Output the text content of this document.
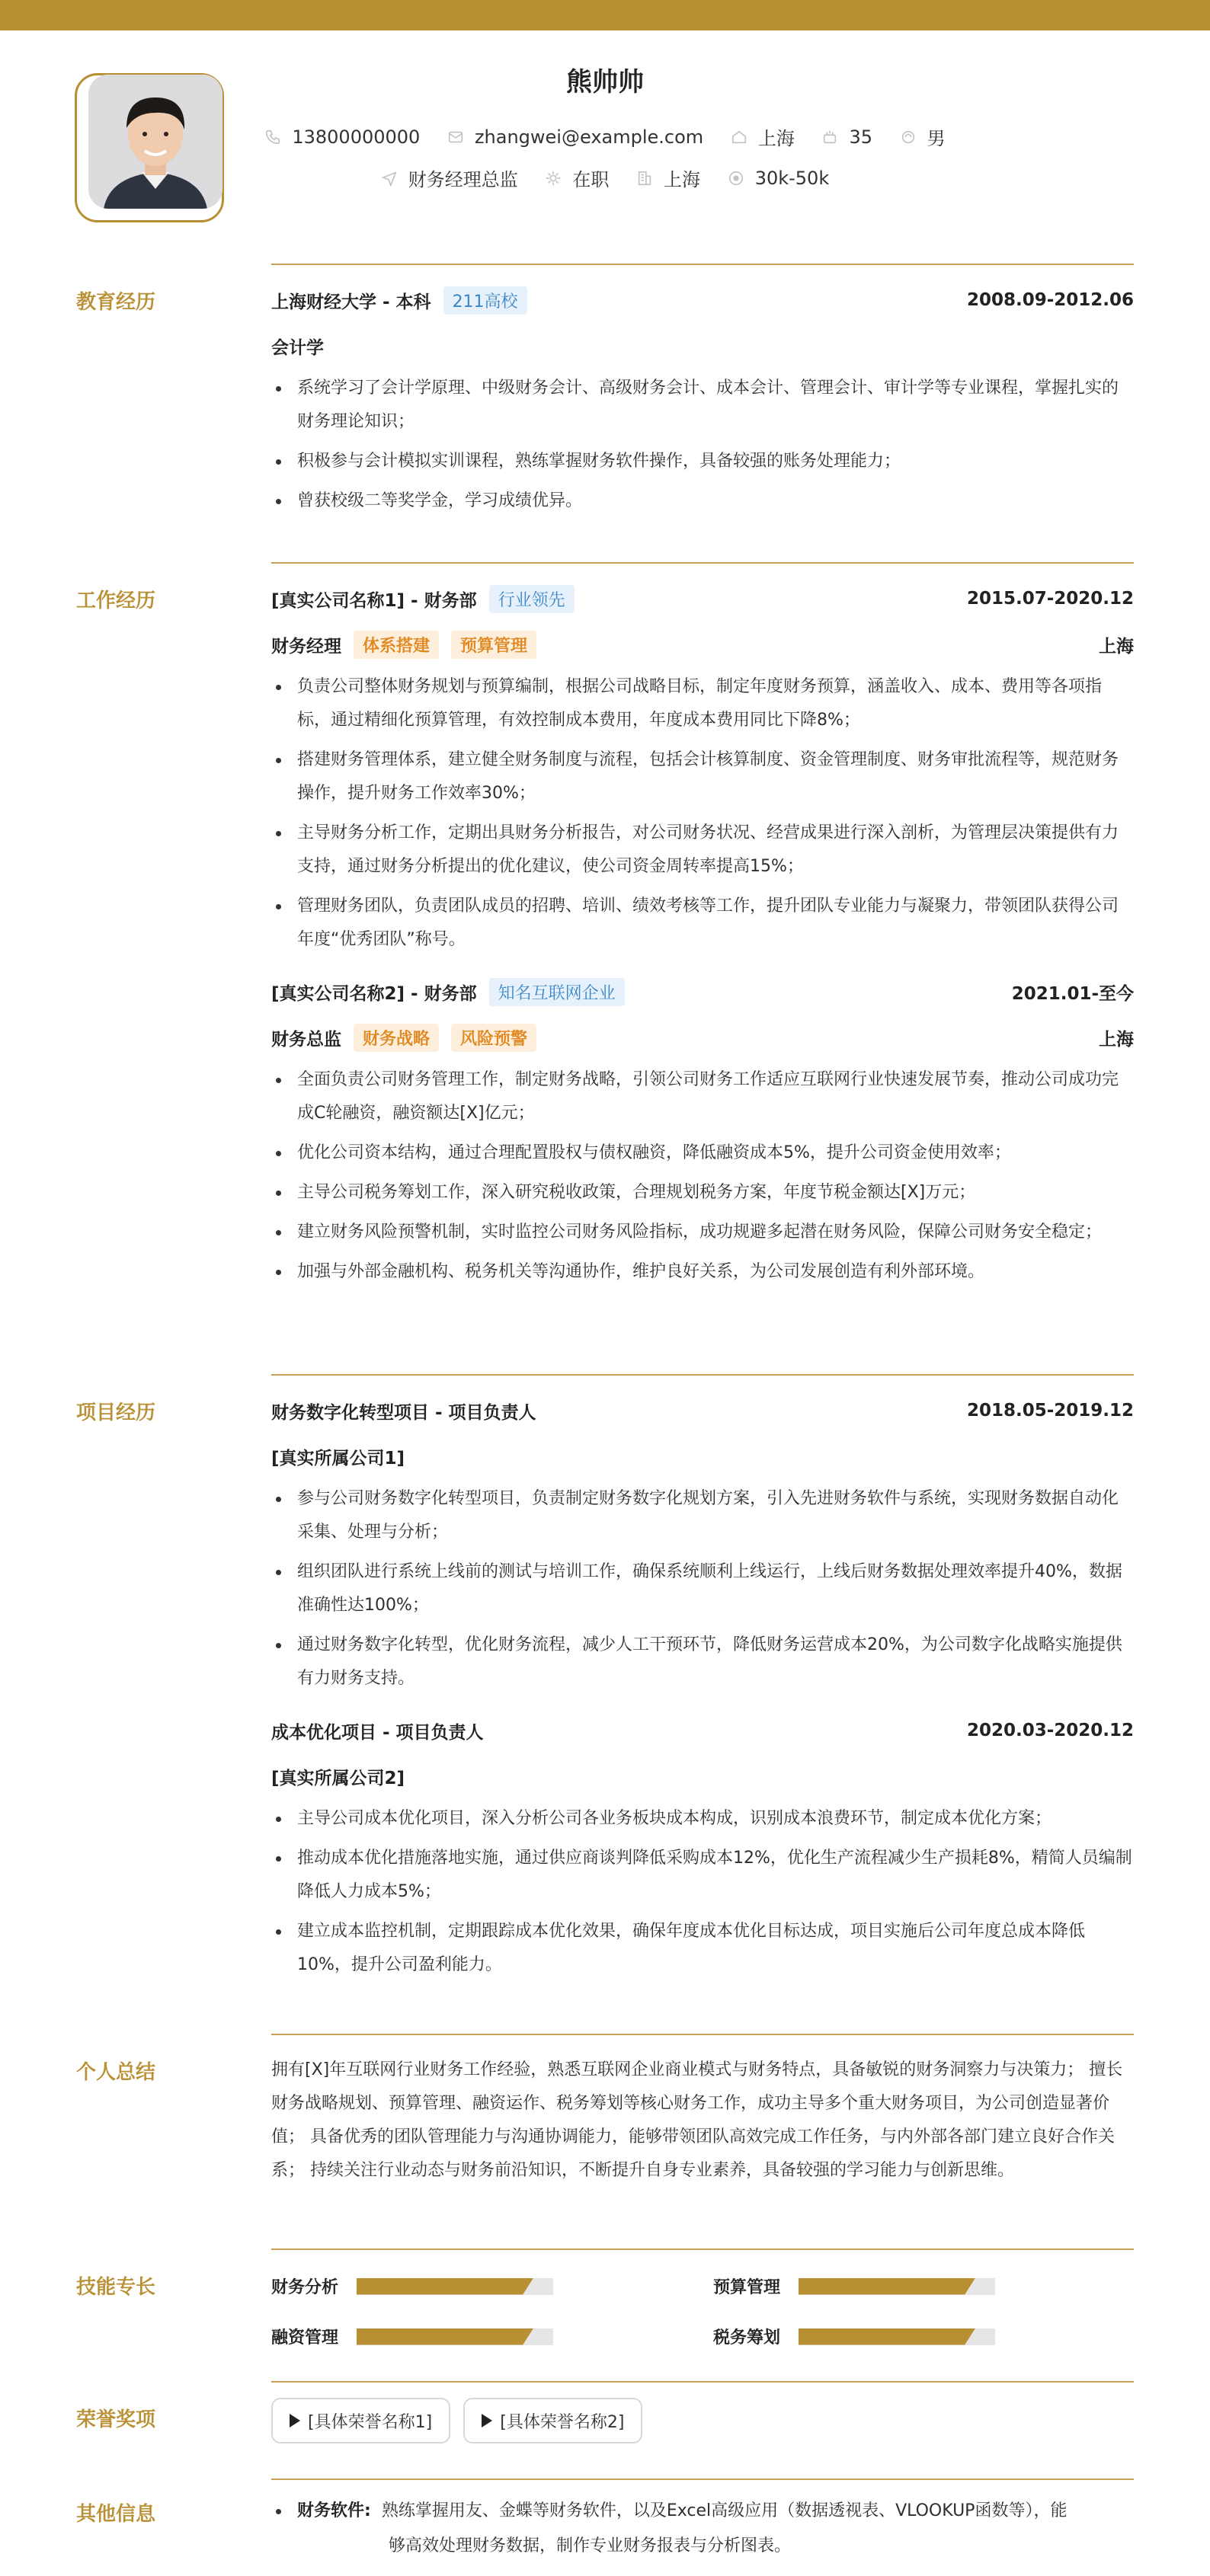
熊帅帅
13800000000
	zhangwei@example.com
	上海
	35
	男
财务经理总监
	在职
	上海
	30k-50k
教育经历	上海财经大学 - 本科	211高校	2008.09-2012.06
会计学
系统学习了会计学原理、中级财务会计、高级财务会计、成本会计、管理会计、审计学等专业课程，掌握扎实的财务理论知识；
积极参与会计模拟实训课程，熟练掌握财务软件操作，具备较强的账务处理能力；
曾获校级二等奖学金，学习成绩优异。
工作经历	[真实公司名称1] - 财务部	行业领先	2015.07-2020.12
财务经理	体系搭建	预算管理	上海
负责公司整体财务规划与预算编制，根据公司战略目标，制定年度财务预算，涵盖收入、成本、费用等各项指标，通过精细化预算管理，有效控制成本费用，年度成本费用同比下降8%；
搭建财务管理体系，建立健全财务制度与流程，包括会计核算制度、资金管理制度、财务审批流程等，规范财务操作，提升财务工作效率30%；
主导财务分析工作，定期出具财务分析报告，对公司财务状况、经营成果进行深入剖析，为管理层决策提供有力支持，通过财务分析提出的优化建议，使公司资金周转率提高15%；
管理财务团队，负责团队成员的招聘、培训、绩效考核等工作，提升团队专业能力与凝聚力，带领团队获得公司年度“优秀团队”称号。
[真实公司名称2] - 财务部	知名互联网企业	2021.01-至今
财务总监	财务战略	风险预警	上海
全面负责公司财务管理工作，制定财务战略，引领公司财务工作适应互联网行业快速发展节奏，推动公司成功完成C轮融资，融资额达[X]亿元；
优化公司资本结构，通过合理配置股权与债权融资，降低融资成本5%，提升公司资金使用效率；
主导公司税务筹划工作，深入研究税收政策，合理规划税务方案，年度节税金额达[X]万元；
建立财务风险预警机制，实时监控公司财务风险指标，成功规避多起潜在财务风险，保障公司财务安全稳定；
加强与外部金融机构、税务机关等沟通协作，维护良好关系，为公司发展创造有利外部环境。
项目经历	财务数字化转型项目 - 项目负责人	2018.05-2019.12
[真实所属公司1]
参与公司财务数字化转型项目，负责制定财务数字化规划方案，引入先进财务软件与系统，实现财务数据自动化采集、处理与分析；
组织团队进行系统上线前的测试与培训工作，确保系统顺利上线运行，上线后财务数据处理效率提升40%，数据准确性达100%；
通过财务数字化转型，优化财务流程，减少人工干预环节，降低财务运营成本20%，为公司数字化战略实施提供有力财务支持。
成本优化项目 - 项目负责人	2020.03-2020.12
[真实所属公司2]
主导公司成本优化项目，深入分析公司各业务板块成本构成，识别成本浪费环节，制定成本优化方案；
推动成本优化措施落地实施，通过供应商谈判降低采购成本12%，优化生产流程减少生产损耗8%，精简人员编制降低人力成本5%；
建立成本监控机制，定期跟踪成本优化效果，确保年度成本优化目标达成，项目实施后公司年度总成本降低10%，提升公司盈利能力。
个人总结	拥有[X]年互联网行业财务工作经验，熟悉互联网企业商业模式与财务特点，具备敏锐的财务洞察力与决策力； 擅长财务战略规划、预算管理、融资运作、税务筹划等核心财务工作，成功主导多个重大财务项目，为公司创造显著价值； 具备优秀的团队管理能力与沟通协调能力，能够带领团队高效完成工作任务，与内外部各部门建立良好合作关系； 持续关注行业动态与财务前沿知识，不断提升自身专业素养，具备较强的学习能力与创新思维。
技能专长	财务分析	预算管理
融资管理	税务筹划
荣誉奖项	[具体荣誉名称1]
	[具体荣誉名称2]
其他信息	财务软件: 熟练掌握用友、金蝶等财务软件，以及Excel高级应用（数据透视表、VLOOKUP函数等），能
够高效处理财务数据，制作专业财务报表与分析图表。
